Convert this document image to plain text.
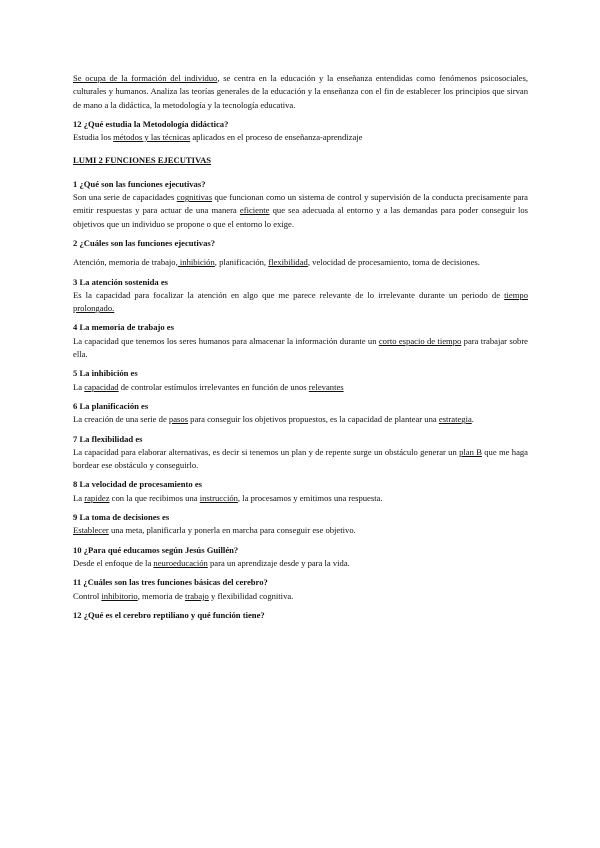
Se ocupa de la formación del individuo, se centra en la educación y la enseñanza entendidas como fenómenos psicosociales, culturales y humanos. Analiza las teorías generales de la educación y la enseñanza con el fin de establecer los principios que sirvan de mano a la didáctica, la metodología y la tecnología educativa.

12 ¿Qué estudia la Metodología didáctica?

Estudia los métodos y las técnicas aplicados en el proceso de enseñanza-aprendizaje

LUMI 2 FUNCIONES EJECUTIVAS

1 ¿Qué son las funciones ejecutivas?

Son una serie de capacidades cognitivas que funcionan como un sistema de control y supervisión de la conducta precisamente para emitir respuestas y para actuar de una manera eficiente que sea adecuada al entorno y a las demandas para poder conseguir los objetivos que un individuo se propone o que el entorno lo exige.

2 ¿Cuáles son las funciones ejecutivas?

Atención, memoria de trabajo, inhibición, planificación, flexibilidad, velocidad de procesamiento, toma de decisiones.

3 La atención sostenida es

Es la capacidad para focalizar la atención en algo que me parece relevante de lo irrelevante durante un periodo de tiempo prolongado.

4 La memoria de trabajo es

La capacidad que tenemos los seres humanos para almacenar la información durante un corto espacio de tiempo para trabajar sobre ella.

5 La inhibición es

La capacidad de controlar estímulos irrelevantes en función de unos relevantes

6 La planificación es

La creación de una serie de pasos para conseguir los objetivos propuestos, es la capacidad de plantear una estrategia.

7 La flexibilidad es

La capacidad para elaborar alternativas, es decir si tenemos un plan y de repente surge un obstáculo generar un plan B que me haga bordear ese obstáculo y conseguirlo.

8 La velocidad de procesamiento es

La rapidez con la que recibimos una instrucción, la procesamos y emitimos una respuesta.

9 La toma de decisiones es

Establecer una meta, planificarla y ponerla en marcha para conseguir ese objetivo.

10 ¿Para qué educamos según Jesús Guillén?

Desde el enfoque de la neuroeducación para un aprendizaje desde y para la vida.

11 ¿Cuáles son las tres funciones básicas del cerebro?

Control inhibitorio, memoria de trabajo y flexibilidad cognitiva.

12 ¿Qué es el cerebro reptiliano y qué función tiene?
